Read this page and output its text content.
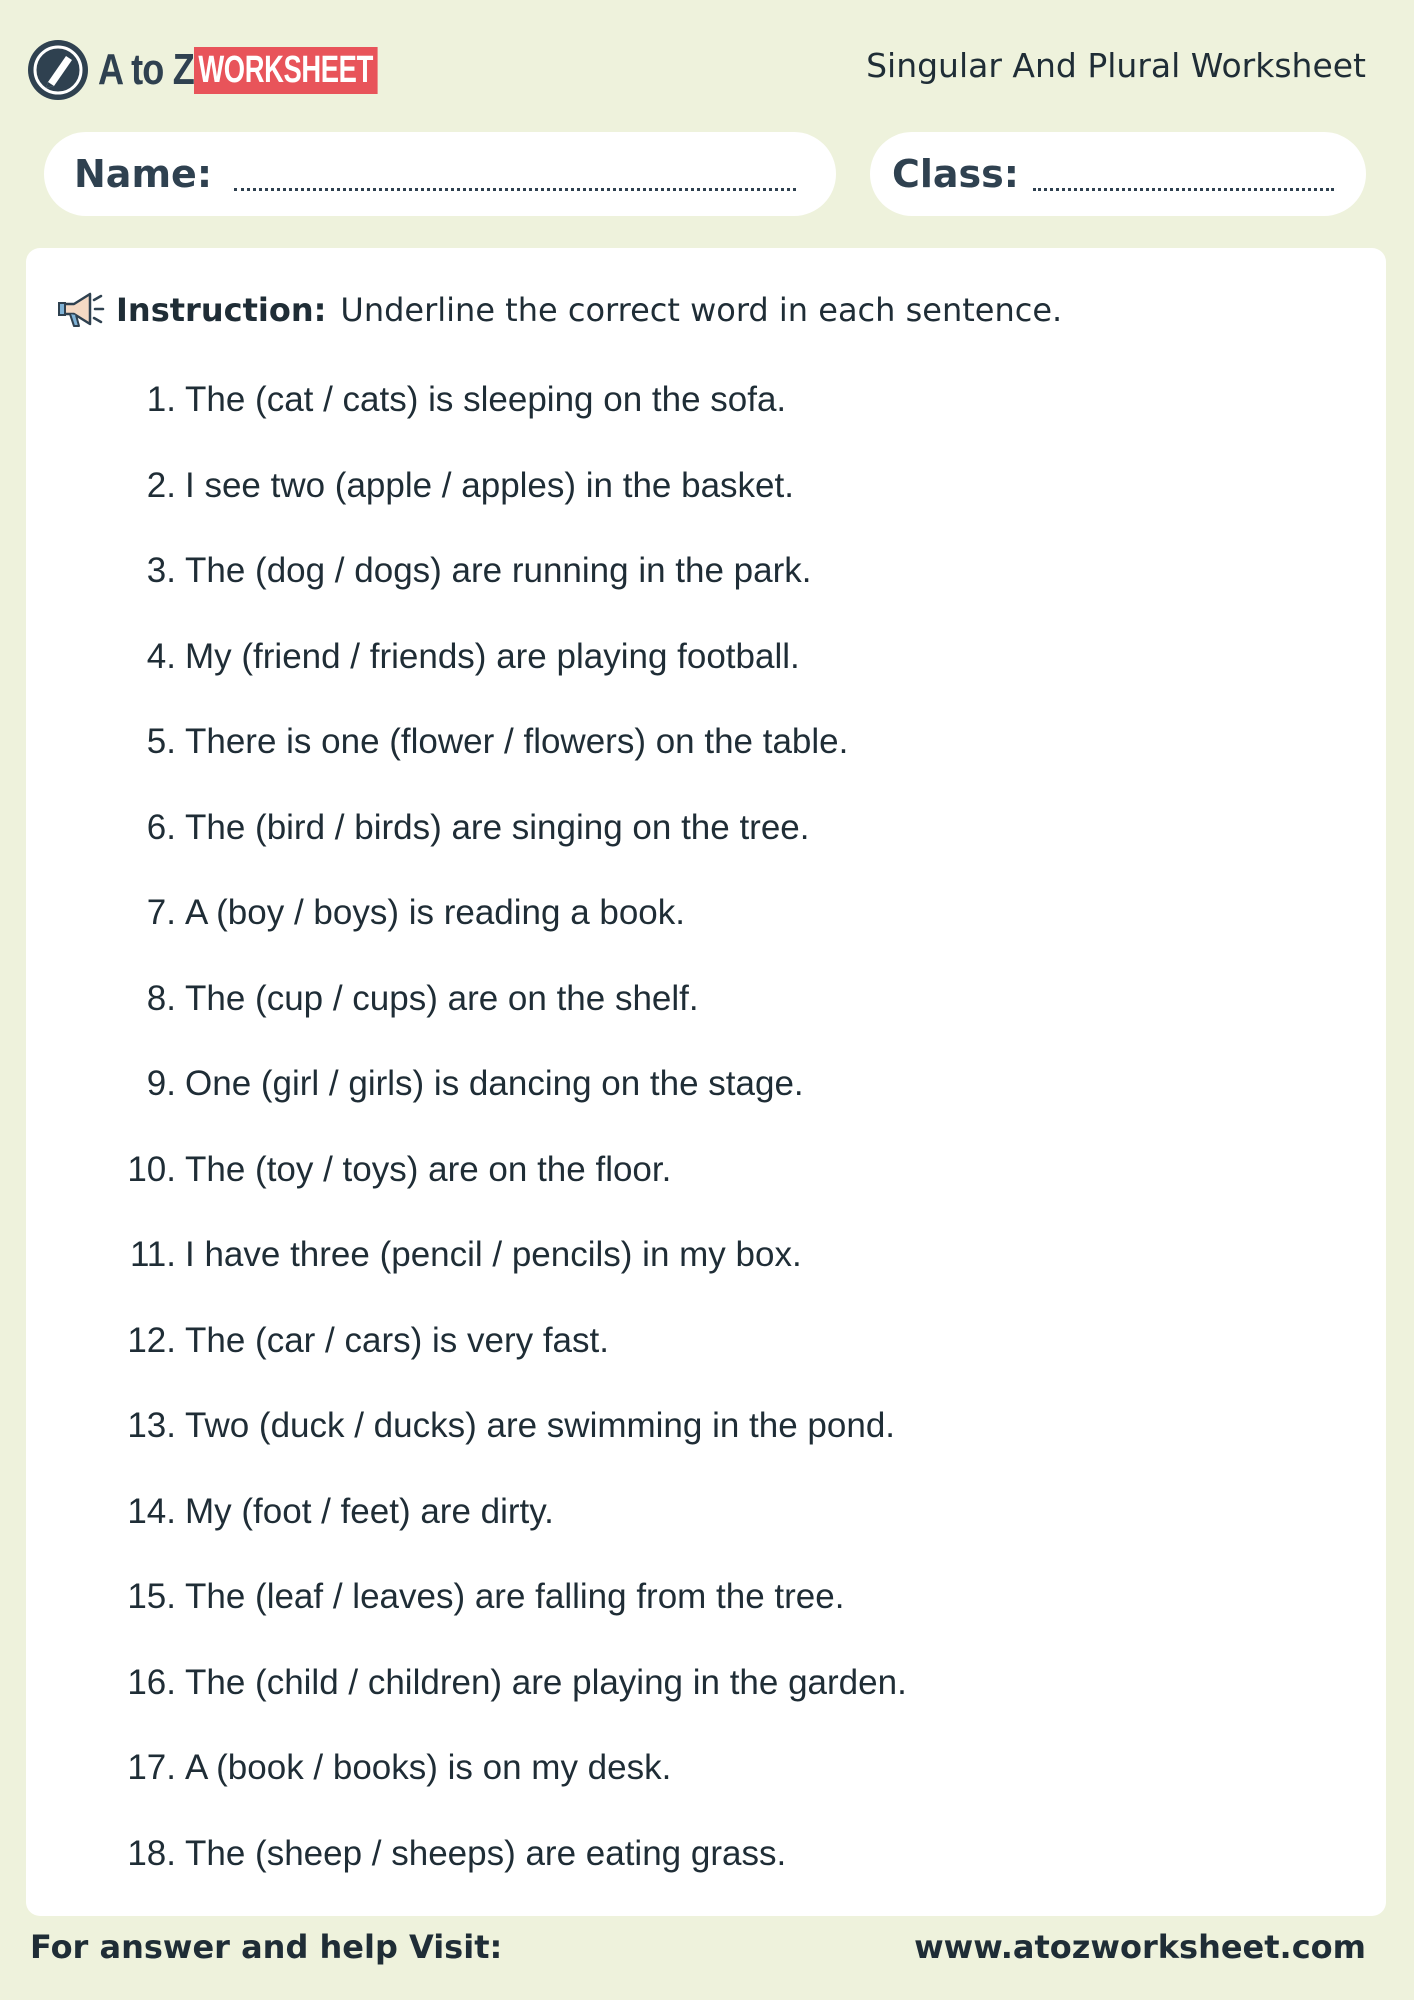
A to Z WORKSHEET	Singular And Plural Worksheet
Name:	Class:
Instruction: Underline the correct word in each sentence.
1. The (cat / cats) is sleeping on the sofa.
2. I see two (apple / apples) in the basket.
3. The (dog / dogs) are running in the park.
4. My (friend / friends) are playing football.
5. There is one (flower / flowers) on the table.
6. The (bird / birds) are singing on the tree.
7. A (boy / boys) is reading a book.
8. The (cup / cups) are on the shelf.
9. One (girl / girls) is dancing on the stage.
10. The (toy / toys) are on the floor.
11. I have three (pencil / pencils) in my box.
12. The (car / cars) is very fast.
13. Two (duck / ducks) are swimming in the pond.
14. My (foot / feet) are dirty.
15. The (leaf / leaves) are falling from the tree.
16. The (child / children) are playing in the garden.
17. A (book / books) is on my desk.
18. The (sheep / sheeps) are eating grass.
For answer and help Visit:	www.atozworksheet.com
